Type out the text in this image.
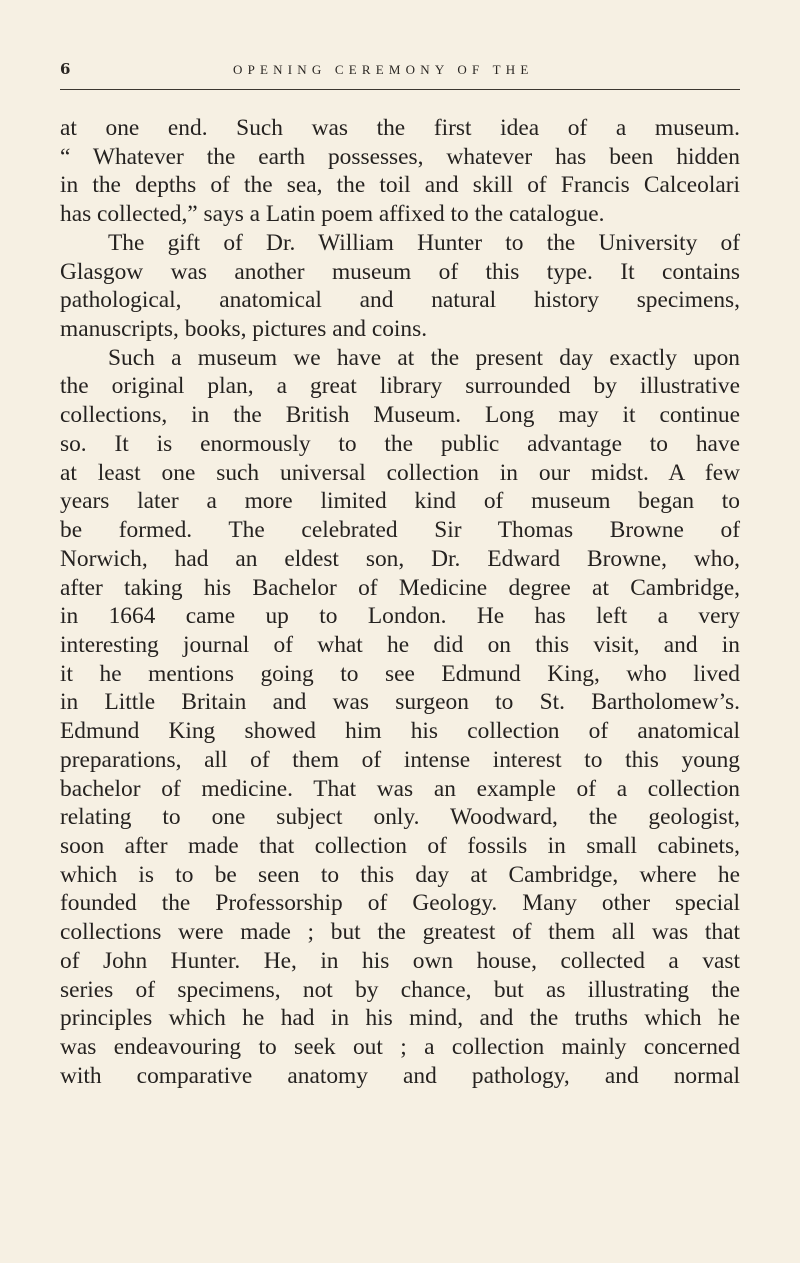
6	OPENING CEREMONY OF THE
at one end. Such was the first idea of a museum.
“ Whatever the earth possesses, whatever has been hidden
in the depths of the sea, the toil and skill of Francis Calceolari
has collected,” says a Latin poem affixed to the catalogue.
The gift of Dr. William Hunter to the University of
Glasgow was another museum of this type. It contains
pathological, anatomical and natural history specimens,
manuscripts, books, pictures and coins.
Such a museum we have at the present day exactly upon
the original plan, a great library surrounded by illustrative
collections, in the British Museum. Long may it continue
so. It is enormously to the public advantage to have
at least one such universal collection in our midst. A few
years later a more limited kind of museum began to
be formed. The celebrated Sir Thomas Browne of
Norwich, had an eldest son, Dr. Edward Browne, who,
after taking his Bachelor of Medicine degree at Cambridge,
in 1664 came up to London. He has left a very
interesting journal of what he did on this visit, and in
it he mentions going to see Edmund King, who lived
in Little Britain and was surgeon to St. Bartholomew’s.
Edmund King showed him his collection of anatomical
preparations, all of them of intense interest to this young
bachelor of medicine. That was an example of a collection
relating to one subject only. Woodward, the geologist,
soon after made that collection of fossils in small cabinets,
which is to be seen to this day at Cambridge, where he
founded the Professorship of Geology. Many other special
collections were made ; but the greatest of them all was that
of John Hunter. He, in his own house, collected a vast
series of specimens, not by chance, but as illustrating the
principles which he had in his mind, and the truths which he
was endeavouring to seek out ; a collection mainly concerned
with comparative anatomy and pathology, and normal
